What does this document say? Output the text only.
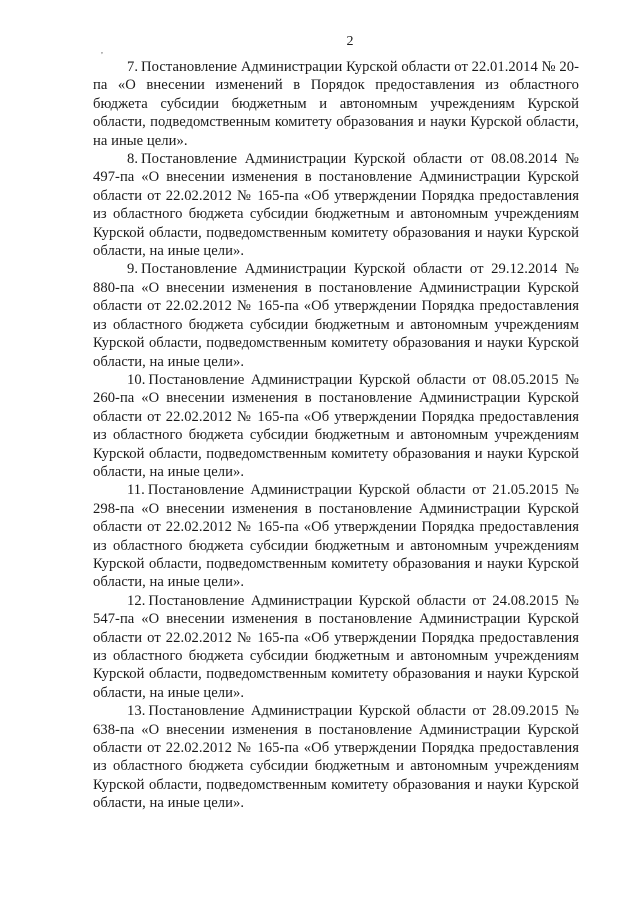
,
2

7. Постановление Администрации Курской области от 22.01.2014 № 20-па «О внесении изменений в Порядок предоставления из областного бюджета субсидии бюджетным и автономным учреждениям Курской области, подведомственным комитету образования и науки Курской области, на иные цели».

8. Постановление Администрации Курской области от 08.08.2014 № 497-па «О внесении изменения в постановление Администрации Курской области от 22.02.2012 № 165-па «Об утверждении Порядка предоставления из областного бюджета субсидии бюджетным и автономным учреждениям Курской области, подведомственным комитету образования и науки Курской области, на иные цели».

9. Постановление Администрации Курской области от 29.12.2014 № 880-па «О внесении изменения в постановление Администрации Курской области от 22.02.2012 № 165-па «Об утверждении Порядка предоставления из областного бюджета субсидии бюджетным и автономным учреждениям Курской области, подведомственным комитету образования и науки Курской области, на иные цели».

10. Постановление Администрации Курской области от 08.05.2015 № 260-па «О внесении изменения в постановление Администрации Курской области от 22.02.2012 № 165-па «Об утверждении Порядка предоставления из областного бюджета субсидии бюджетным и автономным учреждениям Курской области, подведомственным комитету образования и науки Курской области, на иные цели».

11. Постановление Администрации Курской области от 21.05.2015 № 298-па «О внесении изменения в постановление Администрации Курской области от 22.02.2012 № 165-па «Об утверждении Порядка предоставления из областного бюджета субсидии бюджетным и автономным учреждениям Курской области, подведомственным комитету образования и науки Курской области, на иные цели».

12. Постановление Администрации Курской области от 24.08.2015 № 547-па «О внесении изменения в постановление Администрации Курской области от 22.02.2012 № 165-па «Об утверждении Порядка предоставления из областного бюджета субсидии бюджетным и автономным учреждениям Курской области, подведомственным комитету образования и науки Курской области, на иные цели».

13. Постановление Администрации Курской области от 28.09.2015 № 638-па «О внесении изменения в постановление Администрации Курской области от 22.02.2012 № 165-па «Об утверждении Порядка предоставления из областного бюджета субсидии бюджетным и автономным учреждениям Курской области, подведомственным комитету образования и науки Курской области, на иные цели».
